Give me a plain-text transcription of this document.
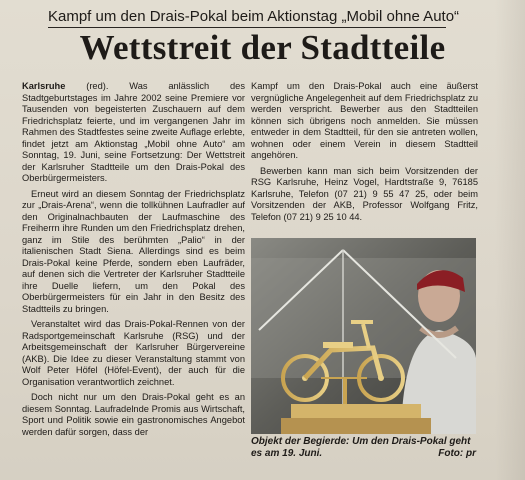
Kampf um den Drais-Pokal beim Aktionstag „Mobil ohne Auto“
Wettstreit der Stadtteile

Karlsruhe (red). Was anlässlich des Stadtgeburtstages im Jahre 2002 seine Premiere vor Tausenden von begeisterten Zuschauern auf dem Friedrichsplatz feierte, und im vergangenen Jahr im Rahmen des Stadtfestes seine zweite Auflage erlebte, findet jetzt am Aktionstag „Mobil ohne Auto“ am Sonntag, 19. Juni, seine Fortsetzung: Der Wettstreit der Karlsruher Stadtteile um den Drais-Pokal des Oberbürgermeisters.

Erneut wird an diesem Sonntag der Friedrichsplatz zur „Drais-Arena“, wenn die tollkühnen Laufradler auf den Originalnachbauten der Laufmaschine des Freiherrn ihre Runden um den Friedrichsplatz drehen, ganz im Stile des berühmten „Palio“ in der italienischen Stadt Siena. Allerdings sind es beim Drais-Pokal keine Pferde, sondern eben Laufräder, auf denen sich die Vertreter der Karlsruher Stadtteile ihre Duelle liefern, um den Pokal des Oberbürgermeisters für ein Jahr in den Besitz des Stadtteils zu bringen.

Veranstaltet wird das Drais-Pokal-Rennen von der Radsportgemeinschaft Karlsruhe (RSG) und der Arbeitsgemeinschaft der Karlsruher Bürgervereine (AKB). Die Idee zu dieser Veranstaltung stammt von Wolf Peter Höfel (Höfel-Event), der auch für die Organisation verantwortlich zeichnet.

Doch nicht nur um den Drais-Pokal geht es an diesem Sonntag. Laufradelnde Promis aus Wirtschaft, Sport und Politik sowie ein gastronomisches Angebot werden dafür sorgen, dass der

Kampf um den Drais-Pokal auch eine äußerst vergnügliche Angelegenheit auf dem Friedrichsplatz zu werden verspricht. Bewerber aus den Stadtteilen können sich übrigens noch anmelden. Sie müssen entweder in dem Stadtteil, für den sie antreten wollen, wohnen oder einem Verein in diesem Stadtteil angehören.

Bewerben kann man sich beim Vorsitzenden der RSG Karlsruhe, Heinz Vogel, Hardtstraße 9, 76185 Karlsruhe, Telefon (07 21) 9 55 47 25, oder beim Vorsitzenden der AKB, Professor Wolfgang Fritz, Telefon (07 21) 9 25 10 44.

Objekt der Begierde: Um den Drais-Pokal geht es am 19. Juni.	Foto: pr
